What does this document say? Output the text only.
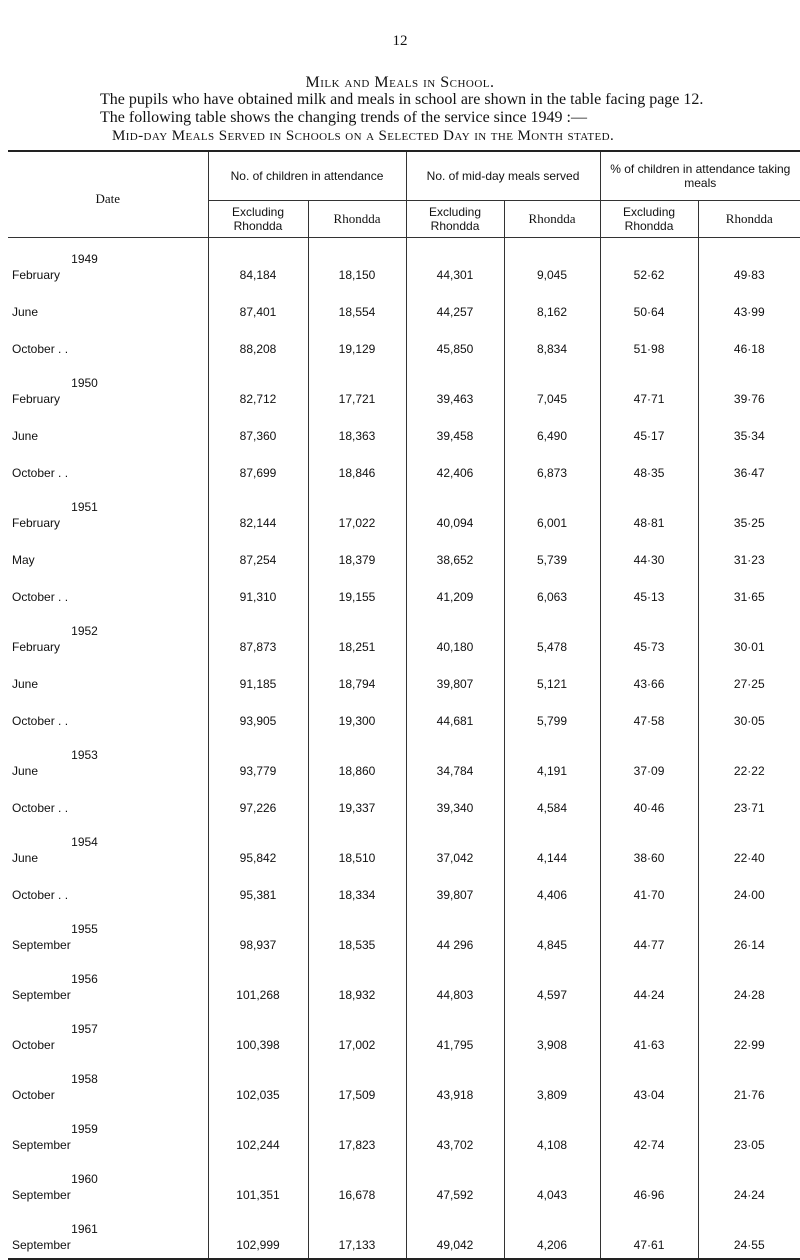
12
Milk and Meals in School.
The pupils who have obtained milk and meals in school are shown in the table facing page 12.
The following table shows the changing trends of the service since 1949 :—
Mid-day Meals Served in Schools on a Selected Day in the Month stated.
Date	No. of children in attendance		No. of mid-day meals served		% of children in attendance taking meals	
	Excluding Rhondda	Rhondda	Excluding Rhondda	Rhondda	Excluding Rhondda	Rhondda

1949
February	84,184	18,150	44,301	9,045	52·62	49·83
June	87,401	18,554	44,257	8,162	50·64	43·99
October . .	88,208	19,129	45,850	8,834	51·98	46·18

1950
February	82,712	17,721	39,463	7,045	47·71	39·76
June	87,360	18,363	39,458	6,490	45·17	35·34
October . .	87,699	18,846	42,406	6,873	48·35	36·47

1951
February	82,144	17,022	40,094	6,001	48·81	35·25
May	87,254	18,379	38,652	5,739	44·30	31·23
October . .	91,310	19,155	41,209	6,063	45·13	31·65

1952
February	87,873	18,251	40,180	5,478	45·73	30·01
June	91,185	18,794	39,807	5,121	43·66	27·25
October . .	93,905	19,300	44,681	5,799	47·58	30·05

1953
June	93,779	18,860	34,784	4,191	37·09	22·22
October . .	97,226	19,337	39,340	4,584	40·46	23·71

1954
June	95,842	18,510	37,042	4,144	38·60	22·40
October . .	95,381	18,334	39,807	4,406	41·70	24·00

1955
September	98,937	18,535	44 296	4,845	44·77	26·14

1956
September	101,268	18,932	44,803	4,597	44·24	24·28

1957
October	100,398	17,002	41,795	3,908	41·63	22·99

1958
October	102,035	17,509	43,918	3,809	43·04	21·76

1959
September	102,244	17,823	43,702	4,108	42·74	23·05

1960
September	101,351	16,678	47,592	4,043	46·96	24·24

1961
September	102,999	17,133	49,042	4,206	47·61	24·55
